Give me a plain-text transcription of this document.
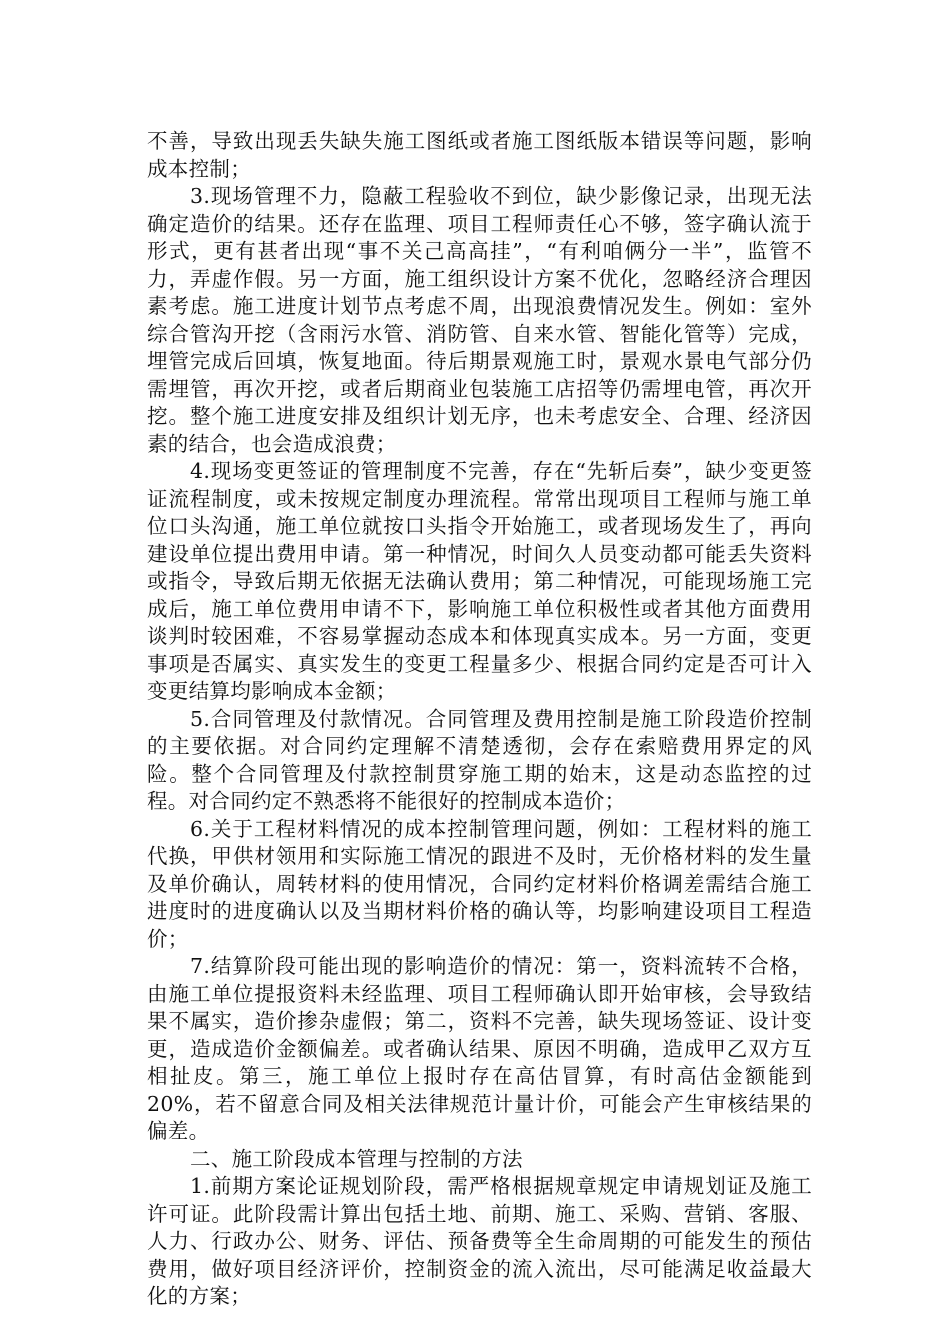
不善，导致出现丢失缺失施工图纸或者施工图纸版本错误等问题，影响成本控制；

3.现场管理不力，隐蔽工程验收不到位，缺少影像记录，出现无法确定造价的结果。还存在监理、项目工程师责任心不够，签字确认流于形式，更有甚者出现“事不关己高高挂”，“有利咱俩分一半”，监管不力，弄虚作假。另一方面，施工组织设计方案不优化，忽略经济合理因素考虑。施工进度计划节点考虑不周，出现浪费情况发生。例如：室外综合管沟开挖（含雨污水管、消防管、自来水管、智能化管等）完成，埋管完成后回填，恢复地面。待后期景观施工时，景观水景电气部分仍需埋管，再次开挖，或者后期商业包装施工店招等仍需埋电管，再次开挖。整个施工进度安排及组织计划无序，也未考虑安全、合理、经济因素的结合，也会造成浪费；

4.现场变更签证的管理制度不完善，存在“先斩后奏”，缺少变更签证流程制度，或未按规定制度办理流程。常常出现项目工程师与施工单位口头沟通，施工单位就按口头指令开始施工，或者现场发生了，再向建设单位提出费用申请。第一种情况，时间久人员变动都可能丢失资料或指令，导致后期无依据无法确认费用；第二种情况，可能现场施工完成后，施工单位费用申请不下，影响施工单位积极性或者其他方面费用谈判时较困难，不容易掌握动态成本和体现真实成本。另一方面，变更事项是否属实、真实发生的变更工程量多少、根据合同约定是否可计入变更结算均影响成本金额；

5.合同管理及付款情况。合同管理及费用控制是施工阶段造价控制的主要依据。对合同约定理解不清楚透彻，会存在索赔费用界定的风险。整个合同管理及付款控制贯穿施工期的始末，这是动态监控的过程。对合同约定不熟悉将不能很好的控制成本造价；

6.关于工程材料情况的成本控制管理问题，例如：工程材料的施工代换，甲供材领用和实际施工情况的跟进不及时，无价格材料的发生量及单价确认，周转材料的使用情况，合同约定材料价格调差需结合施工进度时的进度确认以及当期材料价格的确认等，均影响建设项目工程造价；

7.结算阶段可能出现的影响造价的情况：第一，资料流转不合格，由施工单位提报资料未经监理、项目工程师确认即开始审核，会导致结果不属实，造价掺杂虚假；第二，资料不完善，缺失现场签证、设计变更，造成造价金额偏差。或者确认结果、原因不明确，造成甲乙双方互相扯皮。第三，施工单位上报时存在高估冒算，有时高估金额能到20%，若不留意合同及相关法律规范计量计价，可能会产生审核结果的偏差。

二、施工阶段成本管理与控制的方法

1.前期方案论证规划阶段，需严格根据规章规定申请规划证及施工许可证。此阶段需计算出包括土地、前期、施工、采购、营销、客服、人力、行政办公、财务、评估、预备费等全生命周期的可能发生的预估费用，做好项目经济评价，控制资金的流入流出，尽可能满足收益最大化的方案；
